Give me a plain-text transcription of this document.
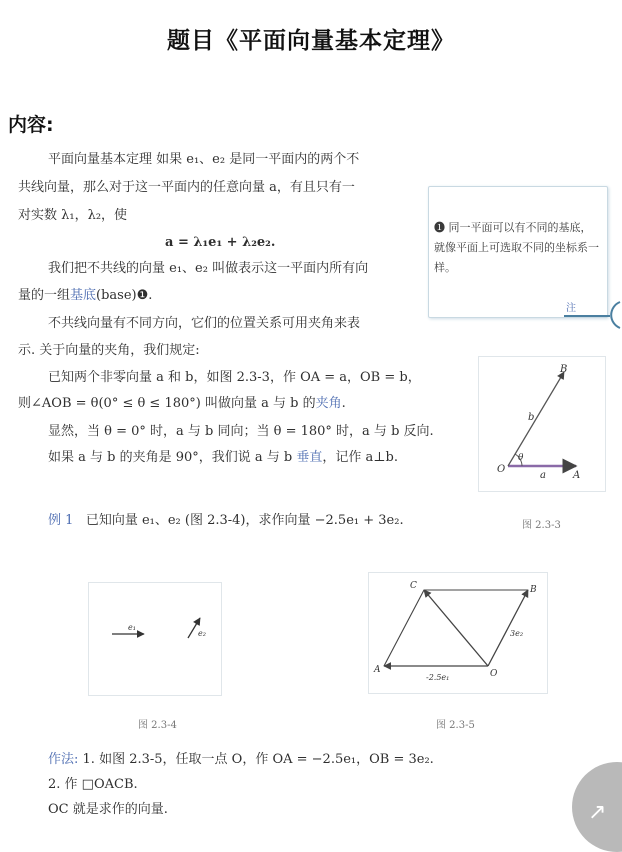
题目《平面向量基本定理》
内容:
平面向量基本定理 如果 e₁、e₂ 是同一平面内的两个不
共线向量，那么对于这一平面内的任意向量 a，有且只有一
对实数 λ₁，λ₂，使
a = λ₁e₁ + λ₂e₂.
我们把不共线的向量 e₁、e₂ 叫做表示这一平面内所有向
量的一组基底(base)❶.
不共线向量有不同方向，它们的位置关系可用夹角来表
示. 关于向量的夹角，我们规定:
已知两个非零向量 a 和 b，如图 2.3-3，作 OA = a，OB = b，
则∠AOB = θ(0° ≤ θ ≤ 180°) 叫做向量 a 与 b 的夹角.
显然，当 θ = 0° 时，a 与 b 同向；当 θ = 180° 时，a 与 b 反向.
如果 a 与 b 的夹角是 90°，我们说 a 与 b 垂直，记作 a⊥b.
例 1 已知向量 e₁、e₂ (图 2.3-4)，求作向量 −2.5e₁ + 3e₂.
❶ 同一平面可以有不同的基底，就像平面上可选取不同的坐标系一样。
注
B
b
O
θ
a	A
图 2.3-3
e₁
e₂
图 2.3-4
C	B
A	O
3e₂
-2.5e₁
图 2.3-5
作法: 1. 如图 2.3-5，任取一点 O，作 OA = −2.5e₁，OB = 3e₂.
2. 作 □OACB.
OC 就是求作的向量.	↗
